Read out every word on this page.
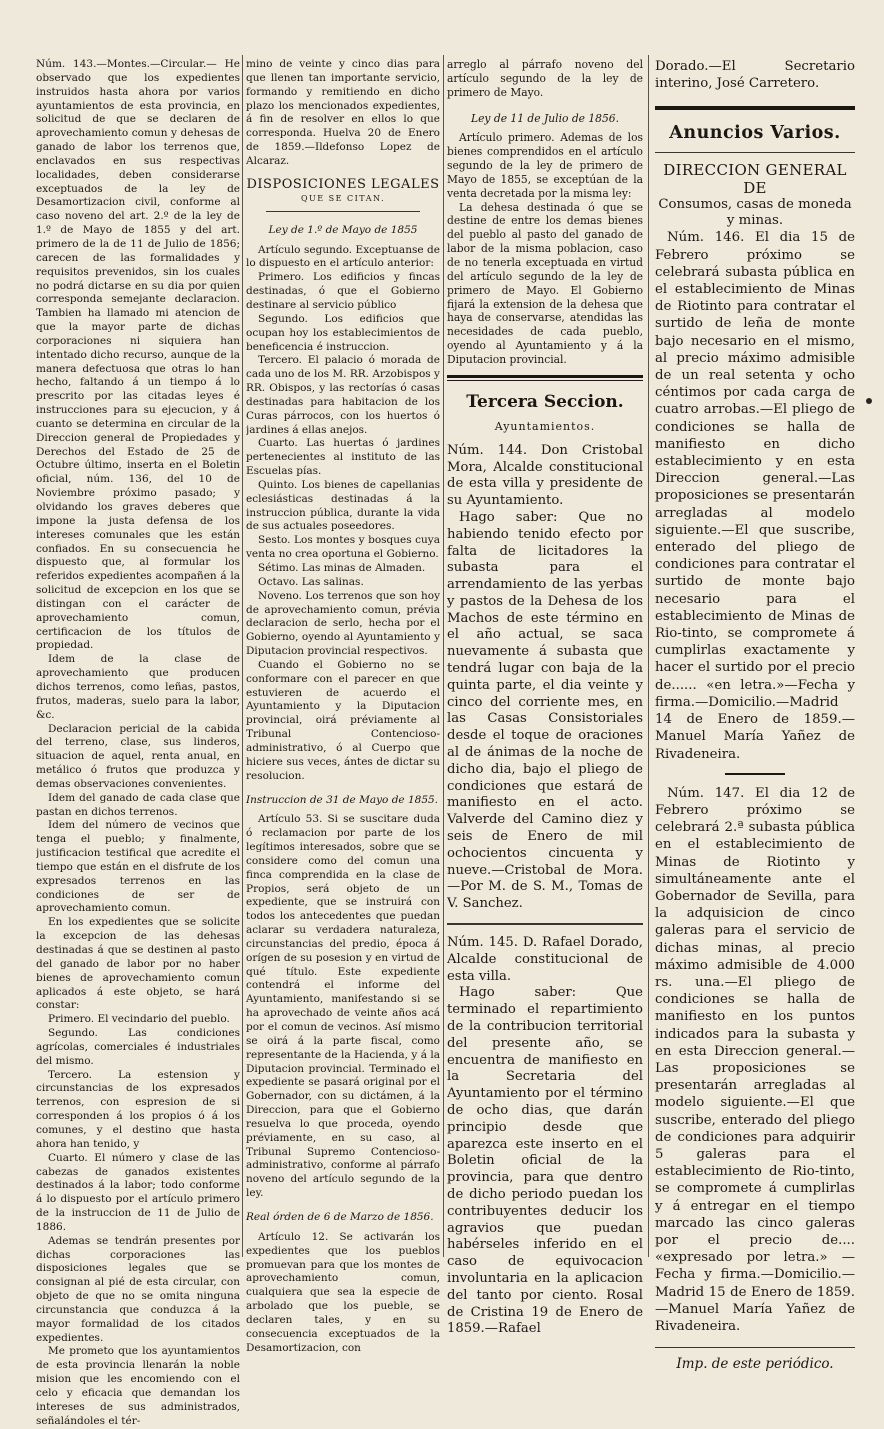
Núm. 143.—Montes.—Circular.— He observado que los expedientes instruidos hasta ahora por varios ayuntamientos de esta provincia, en solicitud de que se declaren de aprovechamiento comun y dehesas de ganado de labor los terrenos que, enclavados en sus respectivas localidades, deben considerarse exceptuados de la ley de Desamortizacion civil, conforme al caso noveno del art. 2.º de la ley de 1.º de Mayo de 1855 y del art. primero de la de 11 de Julio de 1856; carecen de las formalidades y requisitos prevenidos, sin los cuales no podrá dictarse en su dia por quien corresponda semejante declaracion. Tambien ha llamado mi atencion de que la mayor parte de dichas corporaciones ni siquiera han intentado dicho recurso, aunque de la manera defectuosa que otras lo han hecho, faltando á un tiempo á lo prescrito por las citadas leyes é instrucciones para su ejecucion, y á cuanto se determina en circular de la Direccion general de Propiedades y Derechos del Estado de 25 de Octubre último, inserta en el Boletin oficial, núm. 136, del 10 de Noviembre próximo pasado; y olvidando los graves deberes que impone la justa defensa de los intereses comunales que les están confiados. En su consecuencia he dispuesto que, al formular los referidos expedientes acompañen á la solicitud de excepcion en los que se distingan con el carácter de aprovechamiento comun, certificacion de los títulos de propiedad.

Idem de la clase de aprovechamiento que producen dichos terrenos, como leñas, pastos, frutos, maderas, suelo para la labor, &c.

Declaracion pericial de la cabida del terreno, clase, sus linderos, situacion de aquel, renta anual, en metálico ó frutos que produzca y demas observaciones convenientes.

Idem del ganado de cada clase que pastan en dichos terrenos.

Idem del número de vecinos que tenga el pueblo; y finalmente, justificacion testifical que acredite el tiempo que están en el disfrute de los expresados terrenos en las condiciones de ser de aprovechamiento comun.

En los expedientes que se solicite la excepcion de las dehesas destinadas á que se destinen al pasto del ganado de labor por no haber bienes de aprovechamiento comun aplicados á este objeto, se hará constar:

Primero. El vecindario del pueblo.

Segundo. Las condiciones agrícolas, comerciales é industriales del mismo.

Tercero. La estension y circunstancias de los expresados terrenos, con espresion de si corresponden á los propios ó á los comunes, y el destino que hasta ahora han tenido, y

Cuarto. El número y clase de las cabezas de ganados existentes destinados á la labor; todo conforme á lo dispuesto por el artículo primero de la instruccion de 11 de Julio de 1886.

Ademas se tendrán presentes por dichas corporaciones las disposiciones legales que se consignan al pié de esta circular, con objeto de que no se omita ninguna circunstancia que conduzca á la mayor formalidad de los citados expedientes.

Me prometo que los ayuntamientos de esta provincia llenarán la noble mision que les encomiendo con el celo y eficacia que demandan los intereses de sus administrados, señalándoles el tér-

mino de veinte y cinco dias para que llenen tan importante servicio, formando y remitiendo en dicho plazo los mencionados expedientes, á fin de resolver en ellos lo que corresponda. Huelva 20 de Enero de 1859.—Ildefonso Lopez de Alcaraz.

DISPOSICIONES LEGALES
QUE SE CITAN.
Ley de 1.º de Mayo de 1855

Artículo segundo. Exceptuanse de lo dispuesto en el artículo anterior:

Primero. Los edificios y fincas destinadas, ó que el Gobierno destinare al servicio público

Segundo. Los edificios que ocupan hoy los establecimientos de beneficencia é instruccion.

Tercero. El palacio ó morada de cada uno de los M. RR. Arzobispos y RR. Obispos, y las rectorías ó casas destinadas para habitacion de los Curas párrocos, con los huertos ó jardines á ellas anejos.

Cuarto. Las huertas ó jardines pertenecientes al instituto de las Escuelas pías.

Quinto. Los bienes de capellanias eclesiásticas destinadas á la instruccion pública, durante la vida de sus actuales poseedores.

Sesto. Los montes y bosques cuya venta no crea oportuna el Gobierno.

Sétimo. Las minas de Almaden.

Octavo. Las salinas.

Noveno. Los terrenos que son hoy de aprovechamiento comun, prévia declaracion de serlo, hecha por el Gobierno, oyendo al Ayuntamiento y Diputacion provincial respectivos.

Cuando el Gobierno no se conformare con el parecer en que estuvieren de acuerdo el Ayuntamiento y la Diputacion provincial, oirá préviamente al Tribunal Contencioso-administrativo, ó al Cuerpo que hiciere sus veces, ántes de dictar su resolucion.

Instruccion de 31 de Mayo de 1855.

Artículo 53. Si se suscitare duda ó reclamacion por parte de los legítimos interesados, sobre que se considere como del comun una finca comprendida en la clase de Propios, será objeto de un expediente, que se instruirá con todos los antecedentes que puedan aclarar su verdadera naturaleza, circunstancias del predio, época á orígen de su posesion y en virtud de qué título. Este expediente contendrá el informe del Ayuntamiento, manifestando si se ha aprovechado de veinte años acá por el comun de vecinos. Así mismo se oirá á la parte fiscal, como representante de la Hacienda, y á la Diputacion provincial. Terminado el expediente se pasará original por el Gobernador, con su dictámen, á la Direccion, para que el Gobierno resuelva lo que proceda, oyendo préviamente, en su caso, al Tribunal Supremo Contencioso-administrativo, conforme al párrafo noveno del artículo segundo de la ley.

Real órden de 6 de Marzo de 1856.

Artículo 12. Se activarán los expedientes que los pueblos promuevan para que los montes de aprovechamiento comun, cualquiera que sea la especie de arbolado que los pueble, se declaren tales, y en su consecuencia exceptuados de la Desamortizacion, con

arreglo al párrafo noveno del artículo segundo de la ley de primero de Mayo.

Ley de 11 de Julio de 1856.

Artículo primero. Ademas de los bienes comprendidos en el artículo segundo de la ley de primero de Mayo de 1855, se exceptúan de la venta decretada por la misma ley:

La dehesa destinada ó que se destine de entre los demas bienes del pueblo al pasto del ganado de labor de la misma poblacion, caso de no tenerla exceptuada en virtud del artículo segundo de la ley de primero de Mayo. El Gobierno fijará la extension de la dehesa que haya de conservarse, atendidas las necesidades de cada pueblo, oyendo al Ayuntamiento y á la Diputacion provincial.

Tercera Seccion.
Ayuntamientos.

Núm. 144. Don Cristobal Mora, Alcalde constitucional de esta villa y presidente de su Ayuntamiento.

Hago saber: Que no habiendo tenido efecto por falta de licitadores la subasta para el arrendamiento de las yerbas y pastos de la Dehesa de los Machos de este término en el año actual, se saca nuevamente á subasta que tendrá lugar con baja de la quinta parte, el dia veinte y cinco del corriente mes, en las Casas Consistoriales desde el toque de oraciones al de ánimas de la noche de dicho dia, bajo el pliego de condiciones que estará de manifiesto en el acto. Valverde del Camino diez y seis de Enero de mil ochocientos cincuenta y nueve.—Cristobal de Mora.—Por M. de S. M., Tomas de V. Sanchez.

Núm. 145. D. Rafael Dorado, Alcalde constitucional de esta villa.

Hago saber: Que terminado el repartimiento de la contribucion territorial del presente año, se encuentra de manifiesto en la Secretaria del Ayuntamiento por el término de ocho dias, que darán principio desde que aparezca este inserto en el Boletin oficial de la provincia, para que dentro de dicho periodo puedan los contribuyentes deducir los agravios que puedan habérseles inferido en el caso de equivocacion involuntaria en la aplicacion del tanto por ciento. Rosal de Cristina 19 de Enero de 1859.—Rafael

Dorado.—El Secretario interino, José Carretero.

Anuncios Varios.
DIRECCION GENERAL DE
Consumos, casas de moneda y minas.

Núm. 146. El dia 15 de Febrero próximo se celebrará subasta pública en el establecimiento de Minas de Riotinto para contratar el surtido de leña de monte bajo necesario en el mismo, al precio máximo admisible de un real setenta y ocho céntimos por cada carga de cuatro arrobas.—El pliego de condiciones se halla de manifiesto en dicho establecimiento y en esta Direccion general.—Las proposiciones se presentarán arregladas al modelo siguiente.—El que suscribe, enterado del pliego de condiciones para contratar el surtido de monte bajo necesario para el establecimiento de Minas de Rio-tinto, se compromete á cumplirlas exactamente y hacer el surtido por el precio de...... «en letra.»—Fecha y firma.—Domicilio.—Madrid 14 de Enero de 1859.—Manuel María Yañez de Rivadeneira.

Núm. 147. El dia 12 de Febrero próximo se celebrará 2.ª subasta pública en el establecimiento de Minas de Riotinto y simultáneamente ante el Gobernador de Sevilla, para la adquisicion de cinco galeras para el servicio de dichas minas, al precio máximo admisible de 4.000 rs. una.—El pliego de condiciones se halla de manifiesto en los puntos indicados para la subasta y en esta Direccion general.—Las proposiciones se presentarán arregladas al modelo siguiente.—El que suscribe, enterado del pliego de condiciones para adquirir 5 galeras para el establecimiento de Rio-tinto, se compromete á cumplirlas y á entregar en el tiempo marcado las cinco galeras por el precio de.... «expresado por letra.» —Fecha y firma.—Domicilio.—Madrid 15 de Enero de 1859. —Manuel María Yañez de Rivadeneira.

Imp. de este periódico.
